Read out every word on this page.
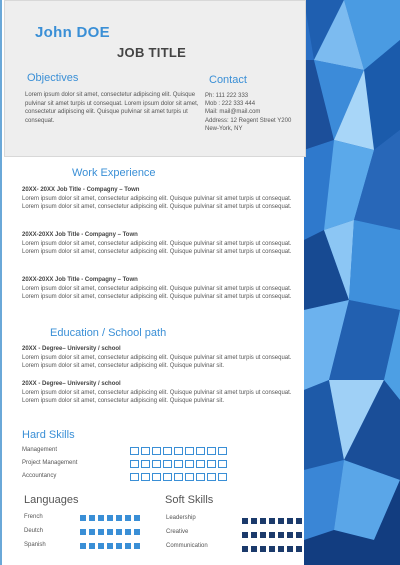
John DOE
JOB TITLE
Objectives	Contact
Lorem ipsum dolor sit amet, consectetur adipiscing elit. Quisque pulvinar sit amet turpis ut consequat. Lorem ipsum dolor sit amet, consectetur adipiscing elit. Quisque pulvinar sit amet turpis ut consequat.
Ph: 111 222 333
Mob : 222 333 444
Mail: mail@mail.com
Address: 12 Regent Street Y200
New-York, NY
Work Experience
20XX- 20XX Job Title - Compagny – Town
Lorem ipsum dolor sit amet, consectetur adipiscing elit. Quisque pulvinar sit amet turpis ut consequat. Lorem ipsum dolor sit amet, consectetur adipiscing elit. Quisque pulvinar sit amet turpis ut consequat.
20XX-20XX Job Title - Compagny – Town
Lorem ipsum dolor sit amet, consectetur adipiscing elit. Quisque pulvinar sit amet turpis ut consequat. Lorem ipsum dolor sit amet, consectetur adipiscing elit. Quisque pulvinar sit amet turpis ut consequat.
20XX-20XX Job Title - Compagny – Town
Lorem ipsum dolor sit amet, consectetur adipiscing elit. Quisque pulvinar sit amet turpis ut consequat. Lorem ipsum dolor sit amet, consectetur adipiscing elit. Quisque pulvinar sit amet turpis ut consequat.
Education / School path
20XX - Degree– University / school
Lorem ipsum dolor sit amet, consectetur adipiscing elit. Quisque pulvinar sit amet turpis ut consequat. Lorem ipsum dolor sit amet, consectetur adipiscing elit. Quisque pulvinar sit.
20XX - Degree– University / school
Lorem ipsum dolor sit amet, consectetur adipiscing elit. Quisque pulvinar sit amet turpis ut consequat. Lorem ipsum dolor sit amet, consectetur adipiscing elit. Quisque pulvinar sit.
Hard Skills
Management
Project Management
Accountancy
Languages
French
Deutch
Spanish
Soft Skills
Leadership
Creative
Communication
